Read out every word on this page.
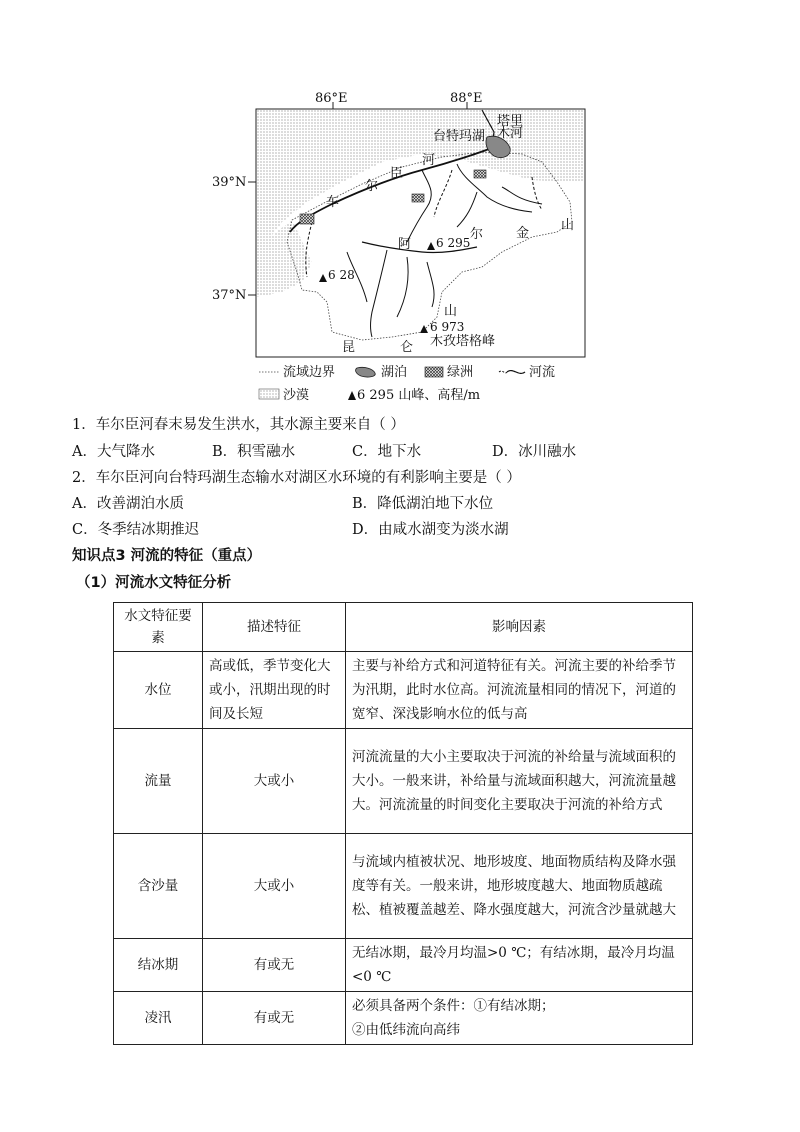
86°E	88°E
39°N
37°N
台特玛湖
塔里木河
车
尔
臣
河
阿
尔	金
山
6 295
6 28
山
6 973
木孜塔格峰
昆	仑
流域边界	湖泊	绿洲	河流
沙漠	6 295 山峰、高程/m
1．车尔臣河春末易发生洪水，其水源主要来自（ ）
A．大气降水	B．积雪融水	C．地下水	D．冰川融水
2．车尔臣河向台特玛湖生态输水对湖区水环境的有利影响主要是（ ）
A．改善湖泊水质	B．降低湖泊地下水位
C．冬季结冰期推迟	D．由咸水湖变为淡水湖
知识点3 河流的特征（重点）
（1）河流水文特征分析
水文特征要素	描述特征	影响因素
水位	高或低，季节变化大或小，汛期出现的时间及长短	主要与补给方式和河道特征有关。河流主要的补给季节为汛期，此时水位高。河流流量相同的情况下，河道的宽窄、深浅影响水位的低与高
流量	大或小	河流流量的大小主要取决于河流的补给量与流域面积的大小。一般来讲，补给量与流域面积越大，河流流量越大。河流流量的时间变化主要取决于河流的补给方式
含沙量	大或小	与流域内植被状况、地形坡度、地面物质结构及降水强度等有关。一般来讲，地形坡度越大、地面物质越疏松、植被覆盖越差、降水强度越大，河流含沙量就越大
结冰期	有或无	无结冰期，最冷月均温>0 ℃；有结冰期，最冷月均温<0 ℃
凌汛	有或无	必须具备两个条件：①有结冰期；
②由低纬流向高纬
